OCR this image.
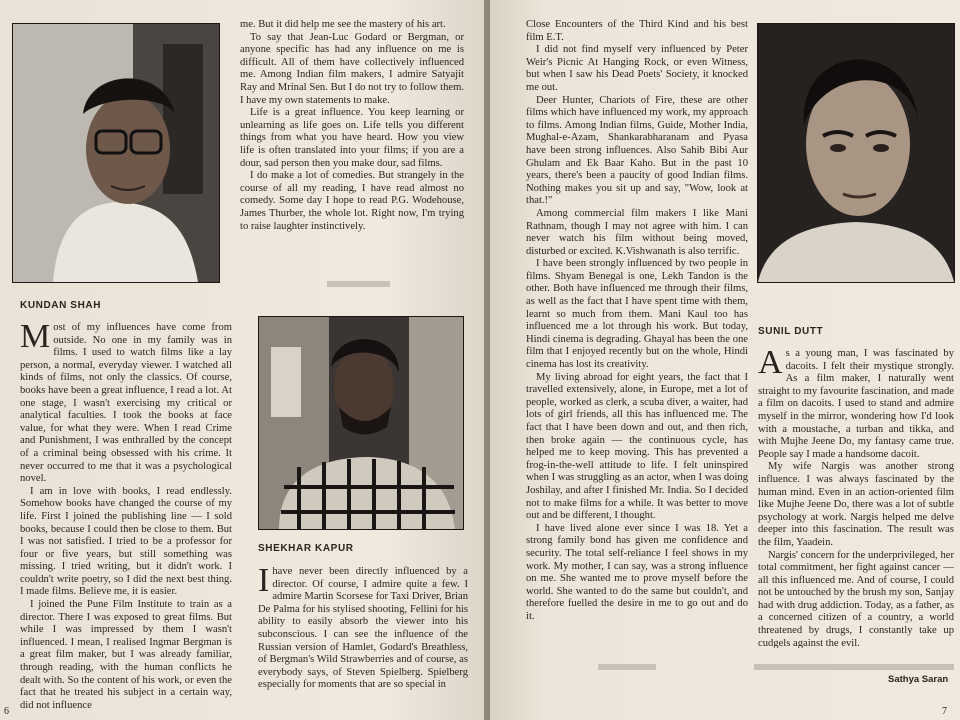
me. But it did help me see the mastery of his art.

To say that Jean-Luc Godard or Bergman, or anyone specific has had any influence on me is difficult. All of them have collectively influenced me. Among Indian film makers, I admire Satyajit Ray and Mrinal Sen. But I do not try to follow them. I have my own statements to make.

Life is a great influence. You keep learning or unlearning as life goes on. Life tells you different things from what you have heard. How you view life is often translated into your films; if you are a dour, sad person then you make dour, sad films.

I do make a lot of comedies. But strangely in the course of all my reading, I have read almost no comedy. Some day I hope to read P.G. Wodehouse, James Thurber, the whole lot. Right now, I'm trying to raise laughter instinctively.

KUNDAN SHAH

Most of my influences have come from outside. No one in my family was in films. I used to watch films like a lay person, a normal, everyday viewer. I watched all kinds of films, not only the classics. Of course, books have been a great influence, I read a lot. At one stage, I wasn't exercising my critical or analytical faculties. I took the books at face value, for what they were. When I read Crime and Punishment, I was enthralled by the concept of a criminal being obsessed with his crime. It never occurred to me that it was a psychological novel.

I am in love with books, I read endlessly. Somehow books have changed the course of my life. First I joined the publishing line — I sold books, because I could then be close to them. But I was not satisfied. I tried to be a professor for four or five years, but still something was missing. I tried writing, but it didn't work. I couldn't write poetry, so I did the next best thing. I made films. Believe me, it is easier.

I joined the Pune Film Institute to train as a director. There I was exposed to great films. But while I was impressed by them I wasn't influenced. I mean, I realised Ingmar Bergman is a great film maker, but I was already familiar, through reading, with the human conflicts he dealt with. So the content of his work, or even the fact that he treated his subject in a certain way, did not influence

SHEKHAR KAPUR

Ihave never been directly influenced by a director. Of course, I admire quite a few. I admire Martin Scorsese for Taxi Driver, Brian De Palma for his stylised shooting, Fellini for his ability to easily absorb the viewer into his subconscious. I can see the influence of the Russian version of Hamlet, Godard's Breathless, of Bergman's Wild Strawberries and of course, as everybody says, of Steven Spielberg. Spielberg especially for moments that are so special in

6

Close Encounters of the Third Kind and his best film E.T.

I did not find myself very influenced by Peter Weir's Picnic At Hanging Rock, or even Witness, but when I saw his Dead Poets' Society, it knocked me out.

Deer Hunter, Chariots of Fire, these are other films which have influenced my work, my approach to films. Among Indian films, Guide, Mother India, Mughal-e-Azam, Shankarabharanam and Pyasa have been strong influences. Also Sahib Bibi Aur Ghulam and Ek Baar Kaho. But in the past 10 years, there's been a paucity of good Indian films. Nothing makes you sit up and say, "Wow, look at that.!"

Among commercial film makers I like Mani Rathnam, though I may not agree with him. I can never watch his film without being moved, disturbed or excited. K.Vishwanath is also terrific.

I have been strongly influenced by two people in films. Shyam Benegal is one, Lekh Tandon is the other. Both have influenced me through their films, as well as the fact that I have spent time with them, learnt so much from them. Mani Kaul too has influenced me a lot through his work. But today, Hindi cinema is degrading. Ghayal has been the one film that I enjoyed recently but on the whole, Hindi cinema has lost its creativity.

My living abroad for eight years, the fact that I travelled extensively, alone, in Europe, met a lot of people, worked as clerk, a scuba diver, a waiter, had lots of girl friends, all this has influenced me. The fact that I have been down and out, and then rich, then broke again — the continuous cycle, has helped me to keep moving. This has prevented a frog-in-the-well attitude to life. I felt uninspired when I was struggling as an actor, when I was doing Joshilay, and after I finished Mr. India. So I decided not to make films for a while. It was better to move out and be different, I thought.

I have lived alone ever since I was 18. Yet a strong family bond has given me confidence and security. The total self-reliance I feel shows in my work. My mother, I can say, was a strong influence on me. She wanted me to prove myself before the world. She wanted to do the same but couldn't, and therefore fuelled the desire in me to go out and do it.

SUNIL DUTT

As a young man, I was fascinated by dacoits. I felt their mystique strongly. As a film maker, I naturally went straight to my favourite fascination, and made a film on dacoits. I used to stand and admire myself in the mirror, wondering how I'd look with a moustache, a turban and tikka, and with Mujhe Jeene Do, my fantasy came true. People say I made a handsome dacoit.

My wife Nargis was another strong influence. I was always fascinated by the human mind. Even in an action-oriented film like Mujhe Jeene Do, there was a lot of subtle psychology at work. Nargis helped me delve deeper into this fascination. The result was the film, Yaadein.

Nargis' concern for the underprivileged, her total commitment, her fight against cancer — all this influenced me. And of course, I could not be untouched by the brush my son, Sanjay had with drug addiction. Today, as a father, as a concerned citizen of a country, a world threatened by drugs, I constantly take up cudgels against the evil.

Sathya Saran
7
